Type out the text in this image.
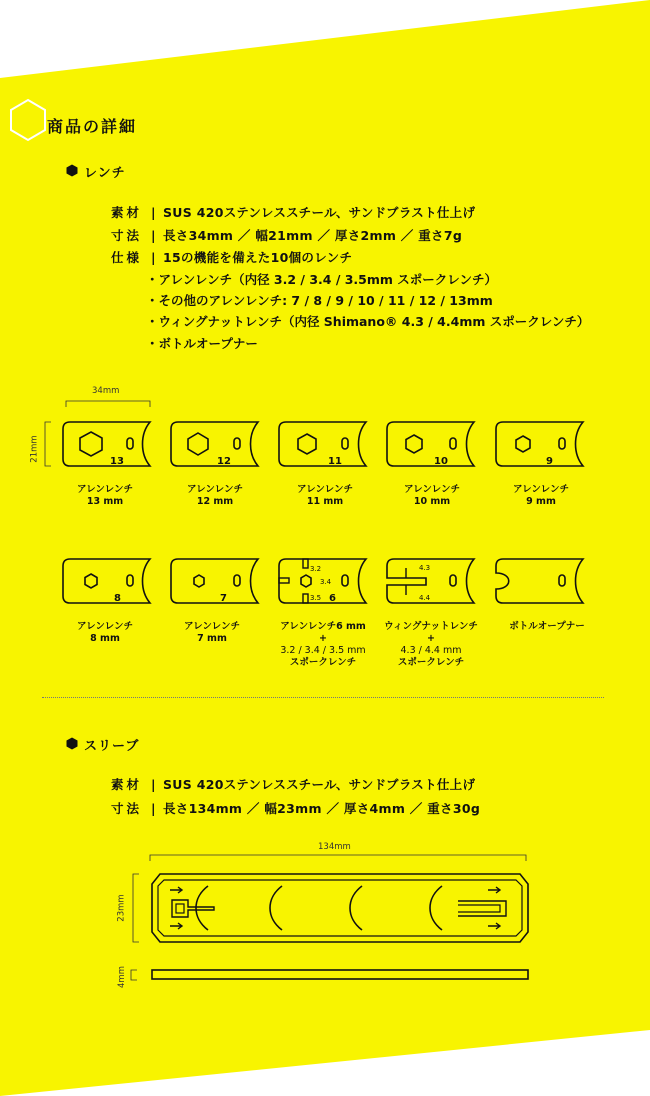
商品の詳細
レンチ
素材 | SUS 420ステンレススチール、サンドブラスト仕上げ
寸法 | 長さ34mm ／ 幅21mm ／ 厚さ2mm ／ 重さ7g
仕様 | 15の機能を備えた10個のレンチ
・アレンレンチ（内径 3.2 / 3.4 / 3.5mm スポークレンチ）
・その他のアレンレンチ: 7 / 8 / 9 / 10 / 11 / 12 / 13mm
・ウィングナットレンチ（内径 Shimano® 4.3 / 4.4mm スポークレンチ）
・ボトルオープナー
34mm
21mm	13	12	11	10	9
アレンレンチ
13 mm
アレンレンチ
12 mm
アレンレンチ
11 mm
アレンレンチ
10 mm
アレンレンチ
9 mm
8	7
3.2
3.4
3.5 6
4.3
4.4
アレンレンチ
8 mm
アレンレンチ
7 mm
アレンレンチ6 mm
+
3.2 / 3.4 / 3.5 mm
スポークレンチ
ウィングナットレンチ
+
4.3 / 4.4 mm
スポークレンチ
ボトルオープナー
スリーブ
素材 | SUS 420ステンレススチール、サンドブラスト仕上げ
寸法 | 長さ134mm ／ 幅23mm ／ 厚さ4mm ／ 重さ30g
134mm
23mm
4mm
